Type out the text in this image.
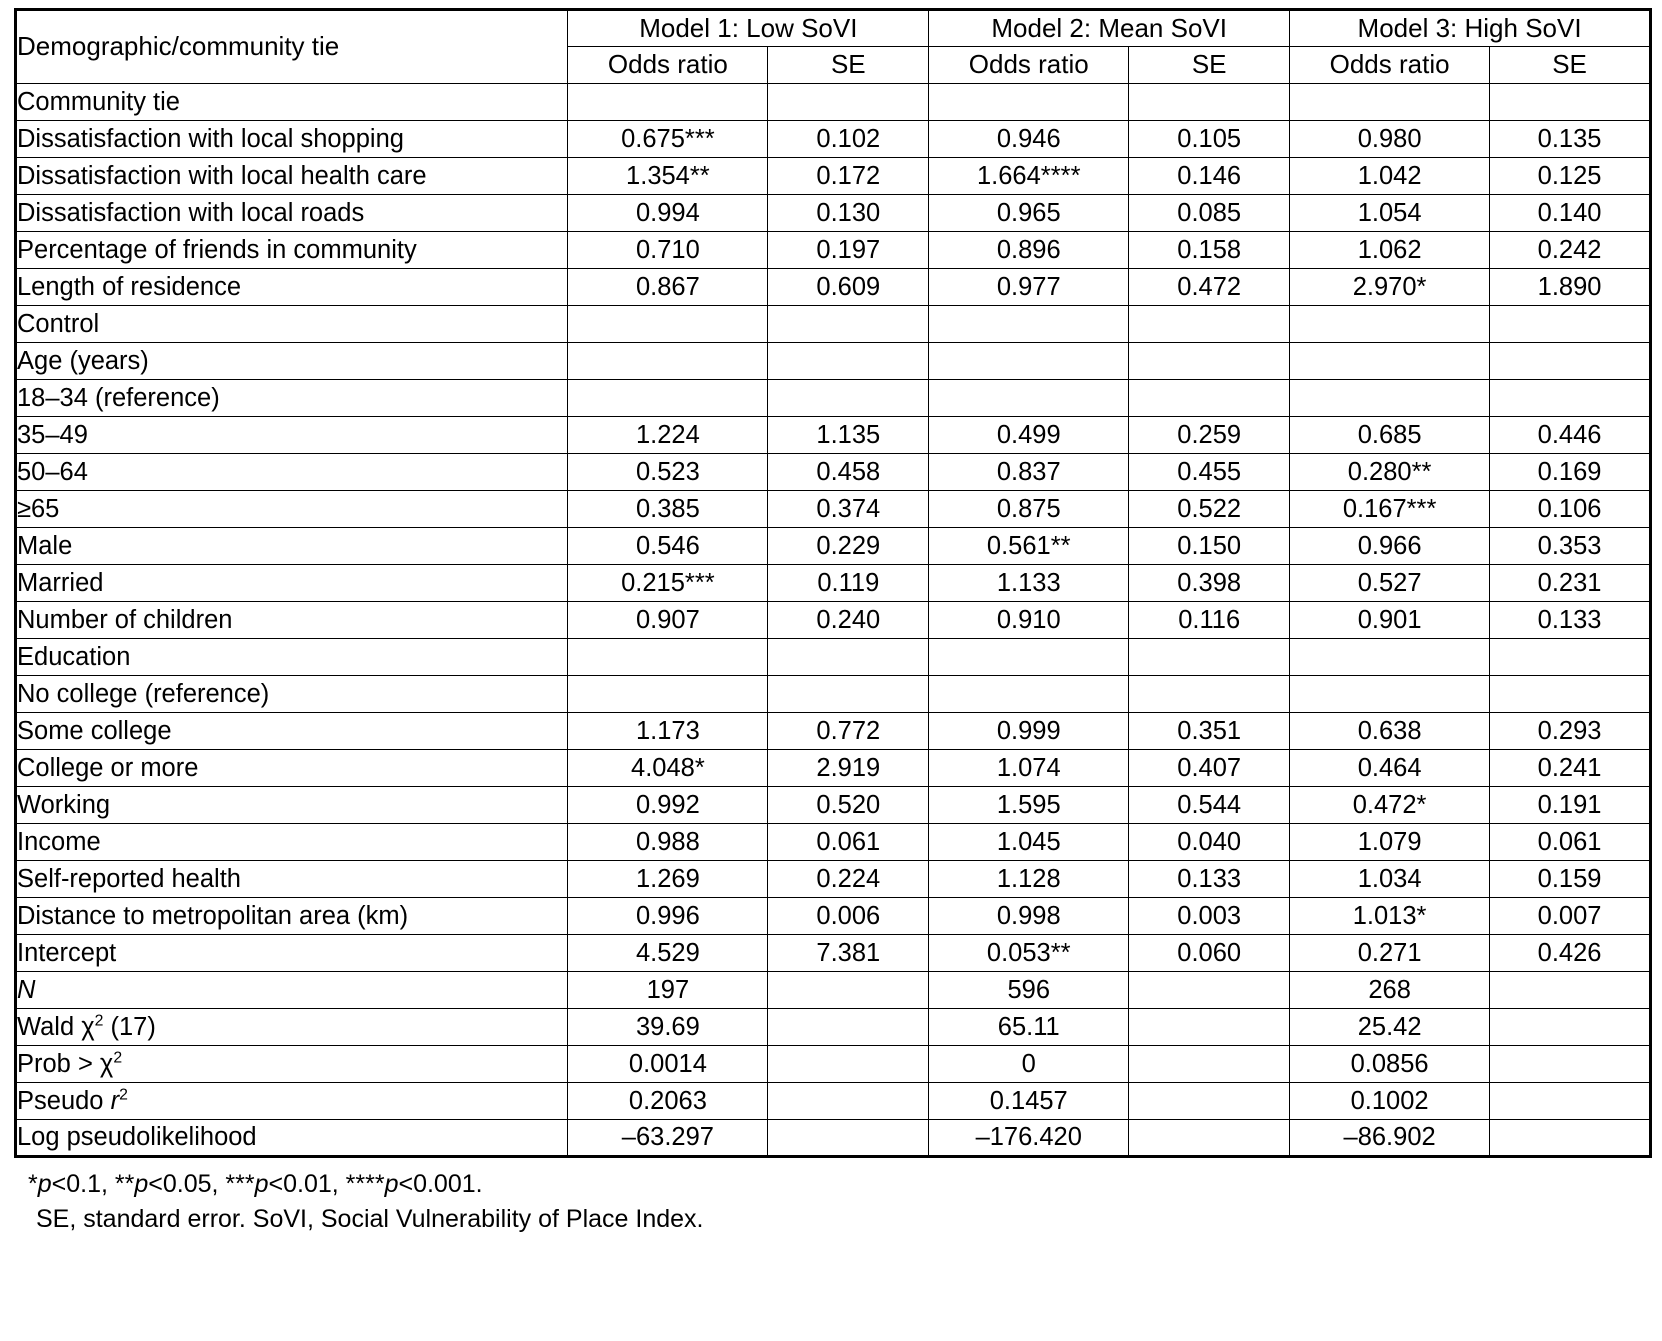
Demographic/community tie	Model 1: Low SoVI		Model 2: Mean SoVI		Model 3: High SoVI	
	Odds ratio	SE	Odds ratio	SE	Odds ratio	SE
Community tie						
Dissatisfaction with local shopping	0.675***	0.102	0.946	0.105	0.980	0.135
Dissatisfaction with local health care	1.354**	0.172	1.664****	0.146	1.042	0.125
Dissatisfaction with local roads	0.994	0.130	0.965	0.085	1.054	0.140
Percentage of friends in community	0.710	0.197	0.896	0.158	1.062	0.242
Length of residence	0.867	0.609	0.977	0.472	2.970*	1.890
Control						
Age (years)						
18–34 (reference)						
35–49	1.224	1.135	0.499	0.259	0.685	0.446
50–64	0.523	0.458	0.837	0.455	0.280**	0.169
≥65	0.385	0.374	0.875	0.522	0.167***	0.106
Male	0.546	0.229	0.561**	0.150	0.966	0.353
Married	0.215***	0.119	1.133	0.398	0.527	0.231
Number of children	0.907	0.240	0.910	0.116	0.901	0.133
Education						
No college (reference)						
Some college	1.173	0.772	0.999	0.351	0.638	0.293
College or more	4.048*	2.919	1.074	0.407	0.464	0.241
Working	0.992	0.520	1.595	0.544	0.472*	0.191
Income	0.988	0.061	1.045	0.040	1.079	0.061
Self-reported health	1.269	0.224	1.128	0.133	1.034	0.159
Distance to metropolitan area (km)	0.996	0.006	0.998	0.003	1.013*	0.007
Intercept	4.529	7.381	0.053**	0.060	0.271	0.426
N	197		596		268	
Wald $\chi^2$ (17)	39.69		65.11		25.42	
Prob > $\chi^2$	0.0014		0		0.0856	
Pseudo $r^2$	0.2063		0.1457		0.1002	
Log pseudolikelihood	–63.297		–176.420		–86.902	
*p<0.1, **p<0.05, ***p<0.01, ****p<0.001.
SE, standard error. SoVI, Social Vulnerability of Place Index.
